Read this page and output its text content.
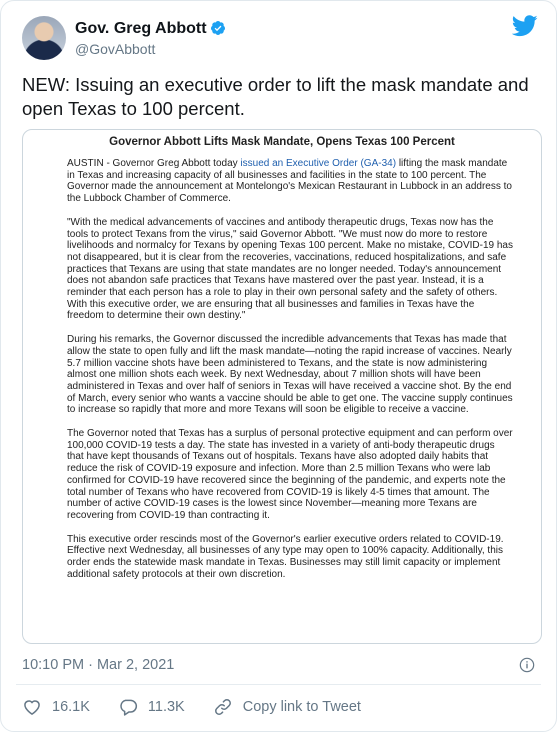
Gov. Greg Abbott
@GovAbbott
NEW: Issuing an executive order to lift the mask mandate and open Texas to 100 percent.
Governor Abbott Lifts Mask Mandate, Opens Texas 100 Percent

AUSTIN - Governor Greg Abbott today issued an Executive Order (GA-34) lifting the mask mandate in Texas and increasing capacity of all businesses and facilities in the state to 100 percent. The Governor made the announcement at Montelongo's Mexican Restaurant in Lubbock in an address to the Lubbock Chamber of Commerce.

"With the medical advancements of vaccines and antibody therapeutic drugs, Texas now has the tools to protect Texans from the virus," said Governor Abbott. "We must now do more to restore livelihoods and normalcy for Texans by opening Texas 100 percent. Make no mistake, COVID-19 has not disappeared, but it is clear from the recoveries, vaccinations, reduced hospitalizations, and safe practices that Texans are using that state mandates are no longer needed. Today's announcement does not abandon safe practices that Texans have mastered over the past year. Instead, it is a reminder that each person has a role to play in their own personal safety and the safety of others. With this executive order, we are ensuring that all businesses and families in Texas have the freedom to determine their own destiny."

During his remarks, the Governor discussed the incredible advancements that Texas has made that allow the state to open fully and lift the mask mandate—noting the rapid increase of vaccines. Nearly 5.7 million vaccine shots have been administered to Texans, and the state is now administering almost one million shots each week. By next Wednesday, about 7 million shots will have been administered in Texas and over half of seniors in Texas will have received a vaccine shot. By the end of March, every senior who wants a vaccine should be able to get one. The vaccine supply continues to increase so rapidly that more and more Texans will soon be eligible to receive a vaccine.

The Governor noted that Texas has a surplus of personal protective equipment and can perform over 100,000 COVID-19 tests a day. The state has invested in a variety of anti-body therapeutic drugs that have kept thousands of Texans out of hospitals. Texans have also adopted daily habits that reduce the risk of COVID-19 exposure and infection. More than 2.5 million Texans who were lab confirmed for COVID-19 have recovered since the beginning of the pandemic, and experts note the total number of Texans who have recovered from COVID-19 is likely 4-5 times that amount. The number of active COVID-19 cases is the lowest since November—meaning more Texans are recovering from COVID-19 than contracting it.

This executive order rescinds most of the Governor's earlier executive orders related to COVID-19. Effective next Wednesday, all businesses of any type may open to 100% capacity. Additionally, this order ends the statewide mask mandate in Texas. Businesses may still limit capacity or implement additional safety protocols at their own discretion.

10:10 PM · Mar 2, 2021
16.1K	11.3K	Copy link to Tweet
